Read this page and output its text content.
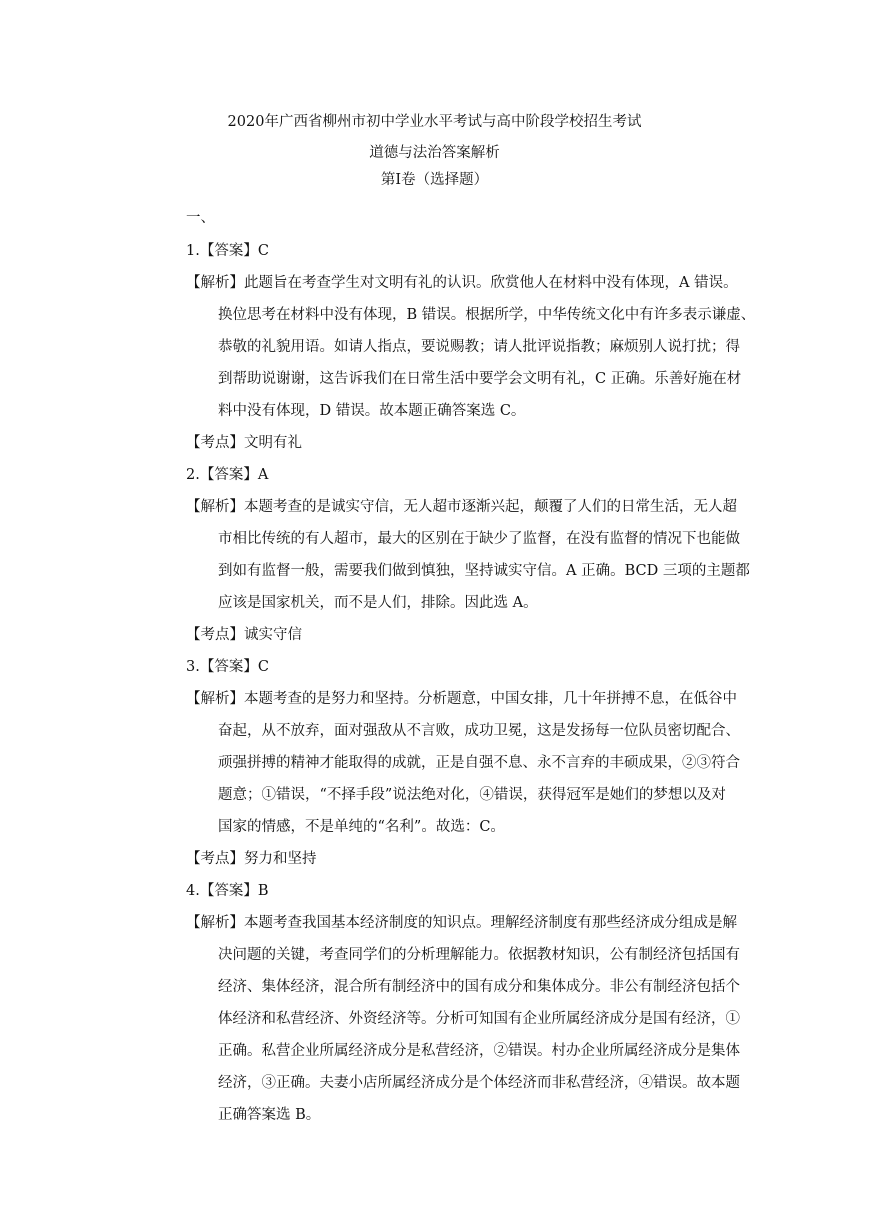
2020年广西省柳州市初中学业水平考试与高中阶段学校招生考试
道德与法治答案解析
第Ⅰ卷（选择题）
一、
1.【答案】C
【解析】此题旨在考查学生对文明有礼的认识。欣赏他人在材料中没有体现，A 错误。
换位思考在材料中没有体现，B 错误。根据所学，中华传统文化中有许多表示谦虚、
恭敬的礼貌用语。如请人指点，要说赐教；请人批评说指教；麻烦别人说打扰；得
到帮助说谢谢，这告诉我们在日常生活中要学会文明有礼，C 正确。乐善好施在材
料中没有体现，D 错误。故本题正确答案选 C。
【考点】文明有礼
2.【答案】A
【解析】本题考查的是诚实守信，无人超市逐渐兴起，颠覆了人们的日常生活，无人超
市相比传统的有人超市，最大的区别在于缺少了监督，在没有监督的情况下也能做
到如有监督一般，需要我们做到慎独，坚持诚实守信。A 正确。BCD 三项的主题都
应该是国家机关，而不是人们，排除。因此选 A。
【考点】诚实守信
3.【答案】C
【解析】本题考查的是努力和坚持。分析题意，中国女排，几十年拼搏不息，在低谷中
奋起，从不放弃，面对强敌从不言败，成功卫冕，这是发扬每一位队员密切配合、
顽强拼搏的精神才能取得的成就，正是自强不息、永不言弃的丰硕成果，②③符合
题意；①错误，“不择手段”说法绝对化，④错误，获得冠军是她们的梦想以及对
国家的情感，不是单纯的“名利”。故选：C。
【考点】努力和坚持
4.【答案】B
【解析】本题考查我国基本经济制度的知识点。理解经济制度有那些经济成分组成是解
决问题的关键，考查同学们的分析理解能力。依据教材知识，公有制经济包括国有
经济、集体经济，混合所有制经济中的国有成分和集体成分。非公有制经济包括个
体经济和私营经济、外资经济等。分析可知国有企业所属经济成分是国有经济，①
正确。私营企业所属经济成分是私营经济，②错误。村办企业所属经济成分是集体
经济，③正确。夫妻小店所属经济成分是个体经济而非私营经济，④错误。故本题
正确答案选 B。
